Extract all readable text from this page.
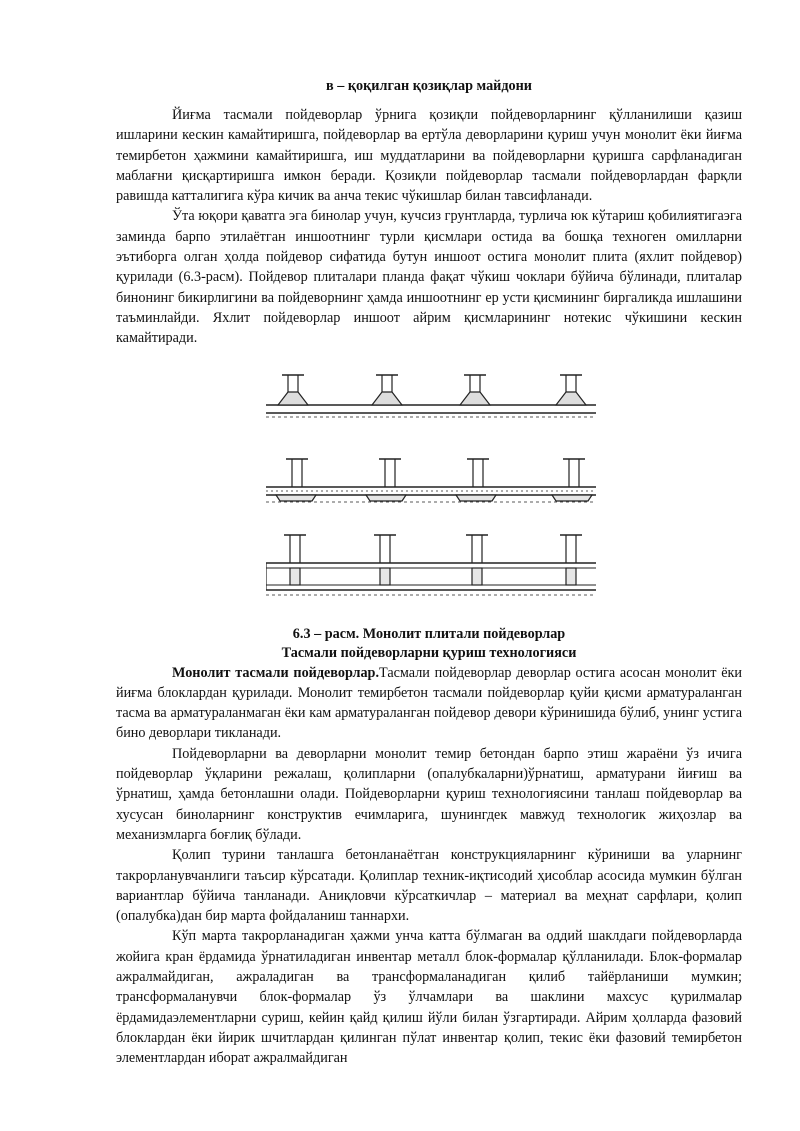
в – қоқилган қозиқлар майдони

Йиғма тасмали пойдеворлар ўрнига қозиқли пойдеворларнинг қўлланилиши қазиш ишларини кескин камайтиришга, пойдеворлар ва ертўла деворларини қуриш учун монолит ёки йиғма темирбетон ҳажмини камайтиришга, иш муддатларини ва пойдеворларни қуришга сарфланадиган маблағни қисқартиришга имкон беради. Қозиқли пойдеворлар тасмали пойдеворлардан фарқли равишда катталигига кўра кичик ва анча текис чўкишлар билан тавсифланади.

Ўта юқори қаватга эга бинолар учун, кучсиз грунтларда, турлича юк кўтариш қобилиятигаэга заминда барпо этилаётган иншоотнинг турли қисмлари остида ва бошқа техноген омилларни эътиборга олган ҳолда пойдевор сифатида бутун иншоот остига монолит плита (яхлит пойдевор) қурилади (6.3-расм). Пойдевор плиталари планда фақат чўкиш чоклари бўйича бўлинади, плиталар бинонинг бикирлигини ва пойдеворнинг ҳамда иншоотнинг ер усти қисмининг биргаликда ишлашини таъминлайди. Яхлит пойдеворлар иншоот айрим қисмларининг нотекис чўкишини кескин камайтиради.

6.3 – расм. Монолит плитали пойдеворлар
Тасмали пойдеворларни қуриш технологияси

Монолит тасмали пойдеворлар.Тасмали пойдеворлар деворлар остига асосан монолит ёки йиғма блоклардан қурилади. Монолит темирбетон тасмали пойдеворлар қуйи қисми арматураланган тасма ва арматураланмаган ёки кам арматураланган пойдевор девори кўринишида бўлиб, унинг устига бино деворлари тикланади.

Пойдеворларни ва деворларни монолит темир бетондан барпо этиш жараёни ўз ичига пойдеворлар ўқларини режалаш, қолипларни (опалубкаларни)ўрнатиш, арматурани йиғиш ва ўрнатиш, ҳамда бетонлашни олади. Пойдеворларни қуриш технологиясини танлаш пойдеворлар ва хусусан биноларнинг конструктив ечимларига, шунингдек мавжуд технологик жиҳозлар ва механизмларга боғлиқ бўлади.

Қолип турини танлашга бетонланаётган конструкцияларнинг кўриниши ва уларнинг такрорланувчанлиги таъсир кўрсатади. Қолиплар техник-иқтисодий ҳисоблар асосида мумкин бўлган вариантлар бўйича танланади. Аниқловчи кўрсаткичлар – материал ва меҳнат сарфлари, қолип (опалубка)дан бир марта фойдаланиш таннархи.

Кўп марта такрорланадиган ҳажми унча катта бўлмаган ва оддий шаклдаги пойдеворларда жойига кран ёрдамида ўрнатиладиган инвентар металл блок-формалар қўлланилади. Блок-формалар ажралмайдиган, ажраладиган ва трансформаланадиган қилиб тайёрланиши мумкин; трансформаланувчи блок-формалар ўз ўлчамлари ва шаклини махсус қурилмалар ёрдамидаэлементларни суриш, кейин қайд қилиш йўли билан ўзгартиради. Айрим ҳолларда фазовий блоклардан ёки йирик шчитлардан қилинган пўлат инвентар қолип, текис ёки фазовий темирбетон элементлардан иборат ажралмайдиган
